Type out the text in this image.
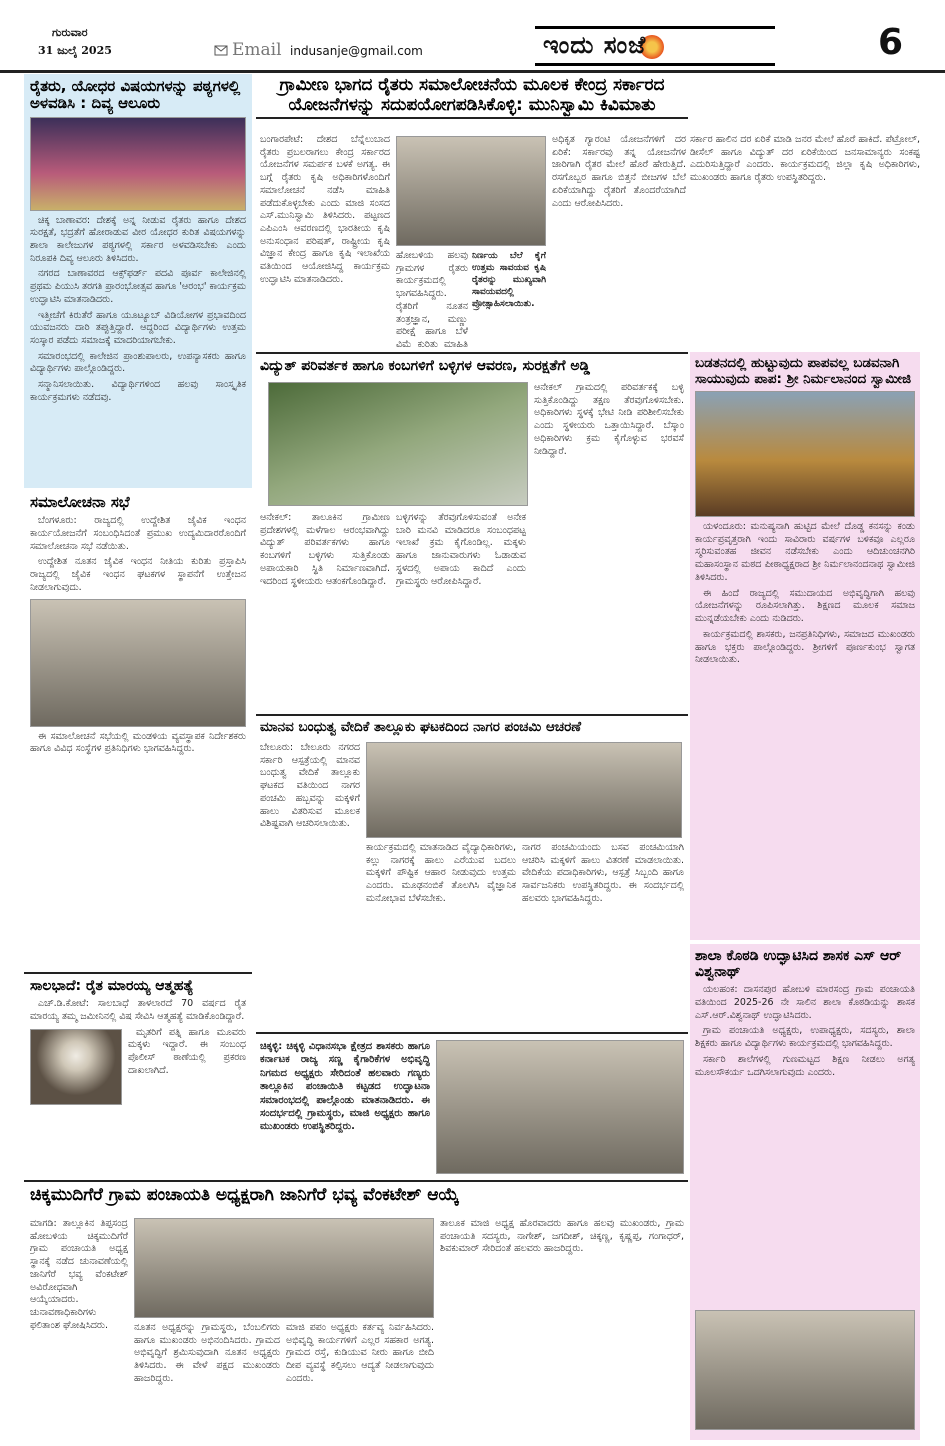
ಗುರುವಾರ
31 ಜುಲೈ 2025	Email indusanje@gmail.com	ಇಂದು ಸಂಜೆ	6
ರೈತರು, ಯೋಧರ ವಿಷಯಗಳನ್ನು ಪಠ್ಯಗಳಲ್ಲಿ ಅಳವಡಿಸಿ : ದಿವ್ಯ ಆಲೂರು

ಚಿಕ್ಕ ಬಾಣಾವರ: ದೇಶಕ್ಕೆ ಅನ್ನ ನೀಡುವ ರೈತರು ಹಾಗೂ ದೇಶದ ಸುರಕ್ಷತೆ, ಭದ್ರತೆಗೆ ಹೋರಾಡುವ ವೀರ ಯೋಧರ ಕುರಿತ ವಿಷಯಗಳನ್ನು ಶಾಲಾ ಕಾಲೇಜುಗಳ ಪಠ್ಯಗಳಲ್ಲಿ ಸರ್ಕಾರ ಅಳವಡಿಸಬೇಕು ಎಂದು ನಿರೂಪಕಿ ದಿವ್ಯ ಆಲೂರು ತಿಳಿಸಿದರು.

ನಗರದ ಬಾಣಾವರದ ಆಕ್ಸ್‌ಫರ್ಡ್ ಪದವಿ ಪೂರ್ವ ಕಾಲೇಜಿನಲ್ಲಿ ಪ್ರಥಮ ಪಿಯುಸಿ ತರಗತಿ ಪ್ರಾರಂಭೋತ್ಸವ ಹಾಗೂ 'ಆರಂಭ' ಕಾರ್ಯಕ್ರಮ ಉದ್ಘಾಟಿಸಿ ಮಾತನಾಡಿದರು.

ಇತ್ತೀಚೆಗೆ ಕಿರುತೆರೆ ಹಾಗೂ ಯೂಟ್ಯೂಬ್ ವಿಡಿಯೋಗಳ ಪ್ರಭಾವದಿಂದ ಯುವಜನರು ದಾರಿ ತಪ್ಪುತ್ತಿದ್ದಾರೆ. ಆದ್ದರಿಂದ ವಿದ್ಯಾರ್ಥಿಗಳು ಉತ್ತಮ ಸಂಸ್ಕಾರ ಪಡೆದು ಸಮಾಜಕ್ಕೆ ಮಾದರಿಯಾಗಬೇಕು.

ಸಮಾರಂಭದಲ್ಲಿ ಕಾಲೇಜಿನ ಪ್ರಾಂಶುಪಾಲರು, ಉಪನ್ಯಾಸಕರು ಹಾಗೂ ವಿದ್ಯಾರ್ಥಿಗಳು ಪಾಲ್ಗೊಂಡಿದ್ದರು.

ಸನ್ಮಾನಿಸಲಾಯಿತು. ವಿದ್ಯಾರ್ಥಿಗಳಿಂದ ಹಲವು ಸಾಂಸ್ಕೃತಿಕ ಕಾರ್ಯಕ್ರಮಗಳು ನಡೆದವು.

ಸಮಾಲೋಚನಾ ಸಭೆ

ಬೆಂಗಳೂರು: ರಾಜ್ಯದಲ್ಲಿ ಉದ್ದೇಶಿತ ಜೈವಿಕ ಇಂಧನ ಕಾರ್ಯಯೋಜನೆಗೆ ಸಂಬಂಧಿಸಿದಂತೆ ಪ್ರಮುಖ ಉದ್ಯಮಿದಾರರೊಂದಿಗೆ ಸಮಾಲೋಚನಾ ಸಭೆ ನಡೆಯಿತು.

ಉದ್ದೇಶಿತ ನೂತನ ಜೈವಿಕ ಇಂಧನ ನೀತಿಯ ಕುರಿತು ಪ್ರಸ್ತಾಪಿಸಿ ರಾಜ್ಯದಲ್ಲಿ ಜೈವಿಕ ಇಂಧನ ಘಟಕಗಳ ಸ್ಥಾಪನೆಗೆ ಉತ್ತೇಜನ ನೀಡಲಾಗುವುದು.

ಈ ಸಮಾಲೋಚನೆ ಸಭೆಯಲ್ಲಿ ಮಂಡಳಿಯ ವ್ಯವಸ್ಥಾಪಕ ನಿರ್ದೇಶಕರು ಹಾಗೂ ವಿವಿಧ ಸಂಸ್ಥೆಗಳ ಪ್ರತಿನಿಧಿಗಳು ಭಾಗವಹಿಸಿದ್ದರು.

ಸಾಲಭಾದೆ: ರೈತ ಮಾರಯ್ಯ ಆತ್ಮಹತ್ಯೆ

ಎಚ್.ಡಿ.ಕೋಟೆ: ಸಾಲಬಾಧೆ ತಾಳಲಾರದೆ 70 ವರ್ಷದ ರೈತ ಮಾರಯ್ಯ ತಮ್ಮ ಜಮೀನಿನಲ್ಲಿ ವಿಷ ಸೇವಿಸಿ ಆತ್ಮಹತ್ಯೆ ಮಾಡಿಕೊಂಡಿದ್ದಾರೆ.

ಮೃತರಿಗೆ ಪತ್ನಿ ಹಾಗೂ ಮೂವರು ಮಕ್ಕಳು ಇದ್ದಾರೆ. ಈ ಸಂಬಂಧ ಪೊಲೀಸ್ ಠಾಣೆಯಲ್ಲಿ ಪ್ರಕರಣ ದಾಖಲಾಗಿದೆ.

ಗ್ರಾಮೀಣ ಭಾಗದ ರೈತರು ಸಮಾಲೋಚನೆಯ ಮೂಲಕ ಕೇಂದ್ರ ಸರ್ಕಾರದ ಯೋಜನೆಗಳನ್ನು ಸದುಪಯೋಗಪಡಿಸಿಕೊಳ್ಳಿ: ಮುನಿಸ್ವಾಮಿ ಕಿವಿಮಾತು
ಬಂಗಾರಪೇಟೆ: ದೇಶದ ಬೆನ್ನೆಲುಬಾದ ರೈತರು ಪ್ರಬಲರಾಗಲು ಕೇಂದ್ರ ಸರ್ಕಾರದ ಯೋಜನೆಗಳ ಸಮರ್ಪಕ ಬಳಕೆ ಅಗತ್ಯ. ಈ ಬಗ್ಗೆ ರೈತರು ಕೃಷಿ ಅಧಿಕಾರಿಗಳೊಂದಿಗೆ ಸಮಾಲೋಚನೆ ನಡೆಸಿ ಮಾಹಿತಿ ಪಡೆದುಕೊಳ್ಳಬೇಕು ಎಂದು ಮಾಜಿ ಸಂಸದ ಎಸ್.ಮುನಿಸ್ವಾಮಿ ತಿಳಿಸಿದರು. ಪಟ್ಟಣದ ಎಪಿಎಂಸಿ ಆವರಣದಲ್ಲಿ ಭಾರತೀಯ ಕೃಷಿ ಅನುಸಂಧಾನ ಪರಿಷತ್, ರಾಷ್ಟ್ರೀಯ ಕೃಷಿ ವಿಜ್ಞಾನ ಕೇಂದ್ರ ಹಾಗೂ ಕೃಷಿ ಇಲಾಖೆಯ ವತಿಯಿಂದ ಆಯೋಜಿಸಿದ್ದ ಕಾರ್ಯಕ್ರಮ ಉದ್ಘಾಟಿಸಿ ಮಾತನಾಡಿದರು.
ಹೋಬಳಿಯ ಹಲವು ಗ್ರಾಮಗಳ ರೈತರು ಕಾರ್ಯಕ್ರಮದಲ್ಲಿ ಭಾಗವಹಿಸಿದ್ದರು. ರೈತರಿಗೆ ನೂತನ ತಂತ್ರಜ್ಞಾನ, ಮಣ್ಣು ಪರೀಕ್ಷೆ ಹಾಗೂ ಬೆಳೆ ವಿಮೆ ಕುರಿತು ಮಾಹಿತಿ
ನಿರ್ಣಯ ಬೆಲೆ ಕೈಗೆ ಉತ್ತಮ ಸಾವಯವ ಕೃಷಿ ರೈತರನ್ನು ಮುಖ್ಯವಾಗಿ ಸಾವಯವದಲ್ಲಿ ಪ್ರೋತ್ಸಾಹಿಸಲಾಯಿತು.
ಅಧಿಕೃತ ಗ್ಯಾರಂಟಿ ಯೋಜನೆಗಳಿಗೆ ದರ ಏರಿಕೆ: ಸರ್ಕಾರವು ತನ್ನ ಯೋಜನೆಗಳ ಜಾರಿಗಾಗಿ ರೈತರ ಮೇಲೆ ಹೊರೆ ಹೇರುತ್ತಿದೆ. ರಸಗೊಬ್ಬರ ಹಾಗೂ ಬಿತ್ತನೆ ಬೀಜಗಳ ಬೆಲೆ ಏರಿಕೆಯಾಗಿದ್ದು ರೈತರಿಗೆ ತೊಂದರೆಯಾಗಿದೆ ಎಂದು ಆರೋಪಿಸಿದರು.
ಸರ್ಕಾರ ಹಾಲಿನ ದರ ಏರಿಕೆ ಮಾಡಿ ಜನರ ಮೇಲೆ ಹೊರೆ ಹಾಕಿದೆ. ಪೆಟ್ರೋಲ್, ಡೀಸೆಲ್ ಹಾಗೂ ವಿದ್ಯುತ್ ದರ ಏರಿಕೆಯಿಂದ ಜನಸಾಮಾನ್ಯರು ಸಂಕಷ್ಟ ಎದುರಿಸುತ್ತಿದ್ದಾರೆ ಎಂದರು. ಕಾರ್ಯಕ್ರಮದಲ್ಲಿ ಜಿಲ್ಲಾ ಕೃಷಿ ಅಧಿಕಾರಿಗಳು, ಮುಖಂಡರು ಹಾಗೂ ರೈತರು ಉಪಸ್ಥಿತರಿದ್ದರು.
ವಿದ್ಯುತ್ ಪರಿವರ್ತಕ ಹಾಗೂ ಕಂಬಗಳಿಗೆ ಬಳ್ಳಿಗಳ ಆವರಣ, ಸುರಕ್ಷತೆಗೆ ಅಡ್ಡಿ
ಆನೇಕಲ್: ತಾಲೂಕಿನ ಗ್ರಾಮೀಣ ಪ್ರದೇಶಗಳಲ್ಲಿ ಮಳೆಗಾಲ ಆರಂಭವಾಗಿದ್ದು ವಿದ್ಯುತ್ ಪರಿವರ್ತಕಗಳು ಹಾಗೂ ಕಂಬಗಳಿಗೆ ಬಳ್ಳಿಗಳು ಸುತ್ತಿಕೊಂಡು ಅಪಾಯಕಾರಿ ಸ್ಥಿತಿ ನಿರ್ಮಾಣವಾಗಿದೆ. ಇದರಿಂದ ಸ್ಥಳೀಯರು ಆತಂಕಗೊಂಡಿದ್ದಾರೆ.
ಬಳ್ಳಿಗಳನ್ನು ತೆರವುಗೊಳಿಸುವಂತೆ ಅನೇಕ ಬಾರಿ ಮನವಿ ಮಾಡಿದರೂ ಸಂಬಂಧಪಟ್ಟ ಇಲಾಖೆ ಕ್ರಮ ಕೈಗೊಂಡಿಲ್ಲ. ಮಕ್ಕಳು ಹಾಗೂ ಜಾನುವಾರುಗಳು ಓಡಾಡುವ ಸ್ಥಳದಲ್ಲಿ ಅಪಾಯ ಕಾದಿದೆ ಎಂದು ಗ್ರಾಮಸ್ಥರು ಆರೋಪಿಸಿದ್ದಾರೆ.
ಆನೇಕಲ್ ಗ್ರಾಮದಲ್ಲಿ ಪರಿವರ್ತಕಕ್ಕೆ ಬಳ್ಳಿ ಸುತ್ತಿಕೊಂಡಿದ್ದು ತಕ್ಷಣ ತೆರವುಗೊಳಿಸಬೇಕು. ಅಧಿಕಾರಿಗಳು ಸ್ಥಳಕ್ಕೆ ಭೇಟಿ ನೀಡಿ ಪರಿಶೀಲಿಸಬೇಕು ಎಂದು ಸ್ಥಳೀಯರು ಒತ್ತಾಯಿಸಿದ್ದಾರೆ. ಬೆಸ್ಕಾಂ ಅಧಿಕಾರಿಗಳು ಕ್ರಮ ಕೈಗೊಳ್ಳುವ ಭರವಸೆ ನೀಡಿದ್ದಾರೆ.
ಮಾನವ ಬಂಧುತ್ವ ವೇದಿಕೆ ತಾಲ್ಲೂಕು ಘಟಕದಿಂದ ನಾಗರ ಪಂಚಮಿ ಆಚರಣೆ
ಬೇಲೂರು: ಬೇಲೂರು ನಗರದ ಸರ್ಕಾರಿ ಆಸ್ಪತ್ರೆಯಲ್ಲಿ ಮಾನವ ಬಂಧುತ್ವ ವೇದಿಕೆ ತಾಲ್ಲೂಕು ಘಟಕದ ವತಿಯಿಂದ ನಾಗರ ಪಂಚಮಿ ಹಬ್ಬವನ್ನು ಮಕ್ಕಳಿಗೆ ಹಾಲು ವಿತರಿಸುವ ಮೂಲಕ ವಿಶಿಷ್ಟವಾಗಿ ಆಚರಿಸಲಾಯಿತು.
ಕಾರ್ಯಕ್ರಮದಲ್ಲಿ ಮಾತನಾಡಿದ ವೈದ್ಯಾಧಿಕಾರಿಗಳು, ಕಲ್ಲು ನಾಗರಕ್ಕೆ ಹಾಲು ಎರೆಯುವ ಬದಲು ಮಕ್ಕಳಿಗೆ ಪೌಷ್ಟಿಕ ಆಹಾರ ನೀಡುವುದು ಉತ್ತಮ ಎಂದರು. ಮೂಢನಂಬಿಕೆ ತೊಲಗಿಸಿ ವೈಜ್ಞಾನಿಕ ಮನೋಭಾವ ಬೆಳೆಸಬೇಕು.
ನಾಗರ ಪಂಚಮಿಯಂದು ಬಸವ ಪಂಚಮಿಯಾಗಿ ಆಚರಿಸಿ ಮಕ್ಕಳಿಗೆ ಹಾಲು ವಿತರಣೆ ಮಾಡಲಾಯಿತು. ವೇದಿಕೆಯ ಪದಾಧಿಕಾರಿಗಳು, ಆಸ್ಪತ್ರೆ ಸಿಬ್ಬಂದಿ ಹಾಗೂ ಸಾರ್ವಜನಿಕರು ಉಪಸ್ಥಿತರಿದ್ದರು. ಈ ಸಂದರ್ಭದಲ್ಲಿ ಹಲವರು ಭಾಗವಹಿಸಿದ್ದರು.
ಚಿಕ್ಕಳ್ಳಿ: ಚಿಕ್ಕಳ್ಳಿ ವಿಧಾನಸಭಾ ಕ್ಷೇತ್ರದ ಶಾಸಕರು ಹಾಗೂ ಕರ್ನಾಟಕ ರಾಜ್ಯ ಸಣ್ಣ ಕೈಗಾರಿಕೆಗಳ ಅಭಿವೃದ್ಧಿ ನಿಗಮದ ಅಧ್ಯಕ್ಷರು ಸೇರಿದಂತೆ ಹಲವಾರು ಗಣ್ಯರು ತಾಲ್ಲೂಕಿನ ಪಂಚಾಯಿತಿ ಕಟ್ಟಡದ ಉದ್ಘಾಟನಾ ಸಮಾರಂಭದಲ್ಲಿ ಪಾಲ್ಗೊಂಡು ಮಾತನಾಡಿದರು. ಈ ಸಂದರ್ಭದಲ್ಲಿ ಗ್ರಾಮಸ್ಥರು, ಮಾಜಿ ಅಧ್ಯಕ್ಷರು ಹಾಗೂ ಮುಖಂಡರು ಉಪಸ್ಥಿತರಿದ್ದರು.
ಬಡತನದಲ್ಲಿ ಹುಟ್ಟುವುದು ಪಾಪವಲ್ಲ ಬಡವನಾಗಿ ಸಾಯುವುದು ಪಾಪ: ಶ್ರೀ ನಿರ್ಮಲಾನಂದ ಸ್ವಾಮೀಜಿ

ಯಳಂದೂರು: ಮನುಷ್ಯನಾಗಿ ಹುಟ್ಟಿದ ಮೇಲೆ ದೊಡ್ಡ ಕನಸನ್ನು ಕಂಡು ಕಾರ್ಯಪ್ರವೃತ್ತರಾಗಿ ಇಂದು ಸಾವಿರಾರು ವರ್ಷಗಳ ಬಳಿಕವೂ ಎಲ್ಲರೂ ಸ್ಮರಿಸುವಂತಹ ಜೀವನ ನಡೆಸಬೇಕು ಎಂದು ಆದಿಚುಂಚನಗಿರಿ ಮಹಾಸಂಸ್ಥಾನ ಮಠದ ಪೀಠಾಧ್ಯಕ್ಷರಾದ ಶ್ರೀ ನಿರ್ಮಲಾನಂದನಾಥ ಸ್ವಾಮೀಜಿ ತಿಳಿಸಿದರು.

ಈ ಹಿಂದೆ ರಾಜ್ಯದಲ್ಲಿ ಸಮುದಾಯದ ಅಭಿವೃದ್ಧಿಗಾಗಿ ಹಲವು ಯೋಜನೆಗಳನ್ನು ರೂಪಿಸಲಾಗಿತ್ತು. ಶಿಕ್ಷಣದ ಮೂಲಕ ಸಮಾಜ ಮುನ್ನಡೆಯಬೇಕು ಎಂದು ನುಡಿದರು.

ಕಾರ್ಯಕ್ರಮದಲ್ಲಿ ಶಾಸಕರು, ಜನಪ್ರತಿನಿಧಿಗಳು, ಸಮಾಜದ ಮುಖಂಡರು ಹಾಗೂ ಭಕ್ತರು ಪಾಲ್ಗೊಂಡಿದ್ದರು. ಶ್ರೀಗಳಿಗೆ ಪೂರ್ಣಕುಂಭ ಸ್ವಾಗತ ನೀಡಲಾಯಿತು.

ಶಾಲಾ ಕೊಠಡಿ ಉದ್ಘಾಟಿಸಿದ ಶಾಸಕ ಎಸ್ ಆರ್ ವಿಶ್ವನಾಥ್

ಯಲಹಂಕ: ದಾಸನಪುರ ಹೋಬಳಿ ಮಾರಸಂದ್ರ ಗ್ರಾಮ ಪಂಚಾಯತಿ ವತಿಯಿಂದ 2025-26 ನೇ ಸಾಲಿನ ಶಾಲಾ ಕೊಠಡಿಯನ್ನು ಶಾಸಕ ಎಸ್.ಆರ್.ವಿಶ್ವನಾಥ್ ಉದ್ಘಾಟಿಸಿದರು.

ಗ್ರಾಮ ಪಂಚಾಯತಿ ಅಧ್ಯಕ್ಷರು, ಉಪಾಧ್ಯಕ್ಷರು, ಸದಸ್ಯರು, ಶಾಲಾ ಶಿಕ್ಷಕರು ಹಾಗೂ ವಿದ್ಯಾರ್ಥಿಗಳು ಕಾರ್ಯಕ್ರಮದಲ್ಲಿ ಭಾಗವಹಿಸಿದ್ದರು.

ಸರ್ಕಾರಿ ಶಾಲೆಗಳಲ್ಲಿ ಗುಣಮಟ್ಟದ ಶಿಕ್ಷಣ ನೀಡಲು ಅಗತ್ಯ ಮೂಲಸೌಕರ್ಯ ಒದಗಿಸಲಾಗುವುದು ಎಂದರು.

ಚಿಕ್ಕಮುದಿಗೆರೆ ಗ್ರಾಮ ಪಂಚಾಯತಿ ಅಧ್ಯಕ್ಷರಾಗಿ ಜಾನಿಗೆರೆ ಭವ್ಯ ವೆಂಕಟೇಶ್ ಆಯ್ಕೆ
ಮಾಗಡಿ: ತಾಲ್ಲೂಕಿನ ತಿಪ್ಪಸಂದ್ರ ಹೋಬಳಿಯ ಚಿಕ್ಕಮುದಿಗೆರೆ ಗ್ರಾಮ ಪಂಚಾಯತಿ ಅಧ್ಯಕ್ಷ ಸ್ಥಾನಕ್ಕೆ ನಡೆದ ಚುನಾವಣೆಯಲ್ಲಿ ಜಾನಿಗೆರೆ ಭವ್ಯ ವೆಂಕಟೇಶ್ ಅವಿರೋಧವಾಗಿ ಆಯ್ಕೆಯಾದರು. ಚುನಾವಣಾಧಿಕಾರಿಗಳು ಫಲಿತಾಂಶ ಘೋಷಿಸಿದರು.	ನೂತನ ಅಧ್ಯಕ್ಷರನ್ನು ಗ್ರಾಮಸ್ಥರು, ಬೆಂಬಲಿಗರು ಹಾಗೂ ಮುಖಂಡರು ಅಭಿನಂದಿಸಿದರು. ಗ್ರಾಮದ ಅಭಿವೃದ್ಧಿಗೆ ಶ್ರಮಿಸುವುದಾಗಿ ನೂತನ ಅಧ್ಯಕ್ಷರು ತಿಳಿಸಿದರು. ಈ ವೇಳೆ ಪಕ್ಷದ ಮುಖಂಡರು ಹಾಜರಿದ್ದರು.
ಮಾಜಿ ಪಪಂ ಅಧ್ಯಕ್ಷರು ಕರ್ತವ್ಯ ನಿರ್ವಹಿಸಿದರು. ಅಭಿವೃದ್ಧಿ ಕಾರ್ಯಗಳಿಗೆ ಎಲ್ಲರ ಸಹಕಾರ ಅಗತ್ಯ. ಗ್ರಾಮದ ರಸ್ತೆ, ಕುಡಿಯುವ ನೀರು ಹಾಗೂ ಬೀದಿ ದೀಪ ವ್ಯವಸ್ಥೆ ಕಲ್ಪಿಸಲು ಆದ್ಯತೆ ನೀಡಲಾಗುವುದು ಎಂದರು.
ತಾಲೂಕ ಮಾಜಿ ಅಧ್ಯಕ್ಷ ಹೊರವಾದರು ಹಾಗೂ ಹಲವು ಮುಖಂಡರು, ಗ್ರಾಮ ಪಂಚಾಯತಿ ಸದಸ್ಯರು, ನಾಗೇಶ್, ಜಗದೀಶ್, ಚಿಕ್ಕಣ್ಣ, ಕೃಷ್ಣಪ್ಪ, ಗಂಗಾಧರ್, ಶಿವಕುಮಾರ್ ಸೇರಿದಂತೆ ಹಲವರು ಹಾಜರಿದ್ದರು.
